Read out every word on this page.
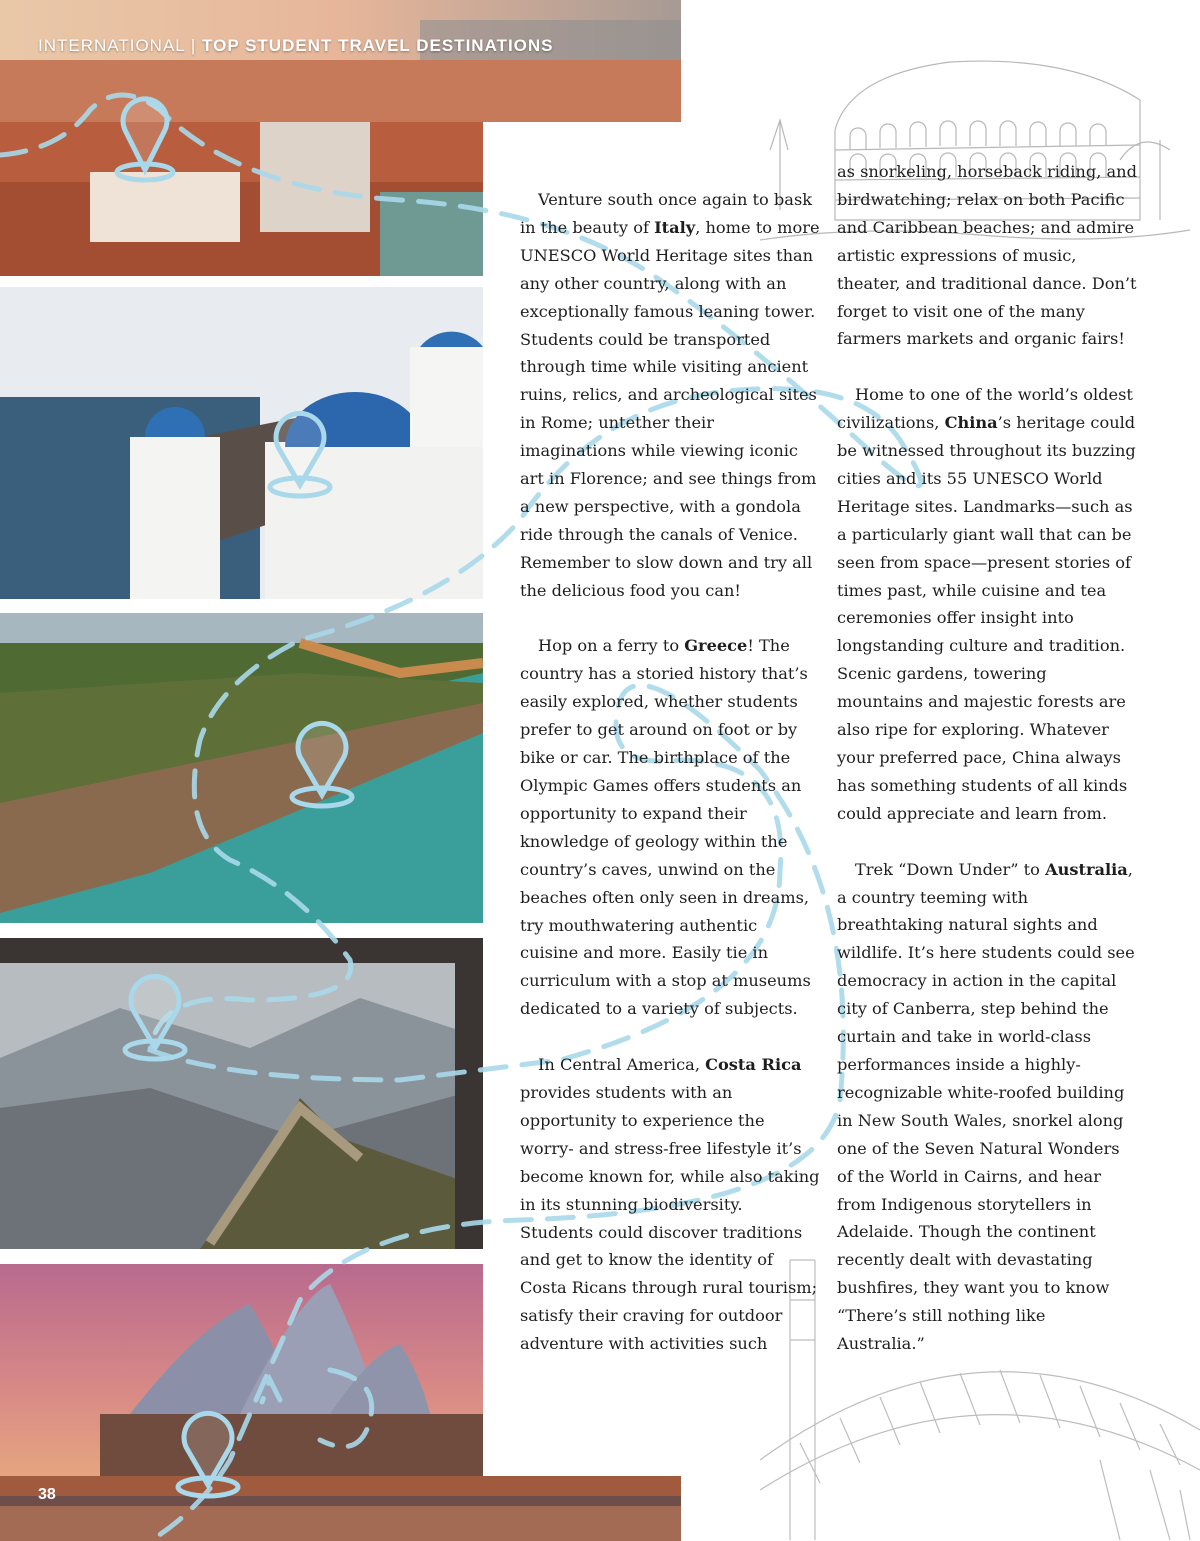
INTERNATIONAL | TOP STUDENT TRAVEL DESTINATIONS
38

Venture south once again to bask in the beauty of Italy, home to more UNESCO World Heritage sites than any other country, along with an exceptionally famous leaning tower. Students could be transported through time while visiting ancient ruins, relics, and archeological sites in Rome; untether their imaginations while viewing iconic art in Florence; and see things from a new perspective, with a gondola ride through the canals of Venice. Remember to slow down and try all the delicious food you can!

Hop on a ferry to Greece! The country has a storied history that’s easily explored, whether students prefer to get around on foot or by bike or car. The birthplace of the Olympic Games offers students an opportunity to expand their knowledge of geology within the country’s caves, unwind on the beaches often only seen in dreams, try mouthwatering authentic cuisine and more. Easily tie in curriculum with a stop at museums dedicated to a variety of subjects.

In Central America, Costa Rica provides students with an opportunity to experience the worry- and stress-free lifestyle it’s become known for, while also taking in its stunning biodiversity. Students could discover traditions and get to know the identity of Costa Ricans through rural tourism; satisfy their craving for outdoor adventure with activities such

as snorkeling, horseback riding, and birdwatching; relax on both Pacific and Caribbean beaches; and admire artistic expressions of music, theater, and traditional dance. Don’t forget to visit one of the many farmers markets and organic fairs!

Home to one of the world’s oldest civilizations, China’s heritage could be witnessed throughout its buzzing cities and its 55 UNESCO World Heritage sites. Landmarks—such as a particularly giant wall that can be seen from space—present stories of times past, while cuisine and tea ceremonies offer insight into longstanding culture and tradition. Scenic gardens, towering mountains and majestic forests are also ripe for exploring. Whatever your preferred pace, China always has something students of all kinds could appreciate and learn from.

Trek “Down Under” to Australia, a country teeming with breathtaking natural sights and wildlife. It’s here students could see democracy in action in the capital city of Canberra, step behind the curtain and take in world-class performances inside a highly-recognizable white-roofed building in New South Wales, snorkel along one of the Seven Natural Wonders of the World in Cairns, and hear from Indigenous storytellers in Adelaide. Though the continent recently dealt with devastating bushfires, they want you to know “There’s still nothing like Australia.”
